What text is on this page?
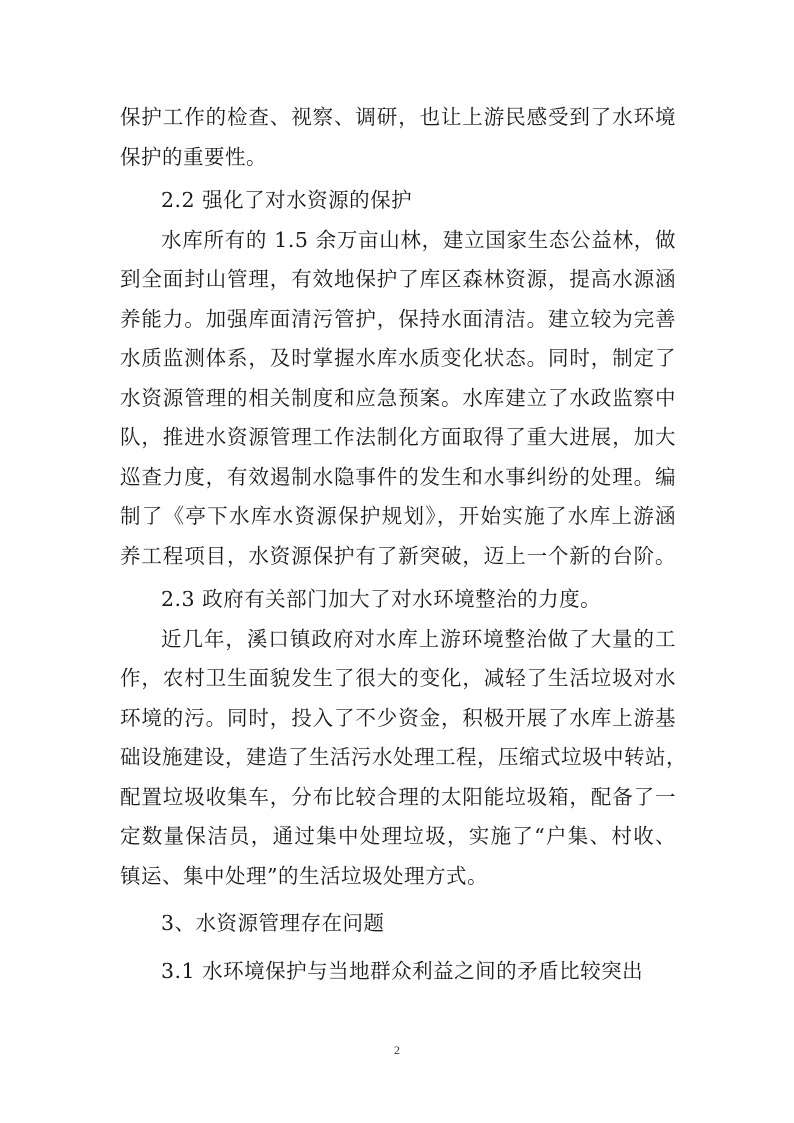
保护工作的检查、视察、调研，也让上游民感受到了水环境
保护的重要性。
2.2 强化了对水资源的保护
水库所有的 1.5 余万亩山林，建立国家生态公益林，做
到全面封山管理，有效地保护了库区森林资源，提高水源涵
养能力。加强库面清污管护，保持水面清洁。建立较为完善
水质监测体系，及时掌握水库水质变化状态。同时，制定了
水资源管理的相关制度和应急预案。水库建立了水政监察中
队，推进水资源管理工作法制化方面取得了重大进展，加大
巡查力度，有效遏制水隐事件的发生和水事纠纷的处理。编
制了《亭下水库水资源保护规划》，开始实施了水库上游涵
养工程项目，水资源保护有了新突破，迈上一个新的台阶。
2.3 政府有关部门加大了对水环境整治的力度。
近几年，溪口镇政府对水库上游环境整治做了大量的工
作，农村卫生面貌发生了很大的变化，减轻了生活垃圾对水
环境的污。同时，投入了不少资金，积极开展了水库上游基
础设施建设，建造了生活污水处理工程，压缩式垃圾中转站，
配置垃圾收集车，分布比较合理的太阳能垃圾箱，配备了一
定数量保洁员，通过集中处理垃圾，实施了“户集、村收、
镇运、集中处理”的生活垃圾处理方式。
3、水资源管理存在问题
3.1 水环境保护与当地群众利益之间的矛盾比较突出
2
